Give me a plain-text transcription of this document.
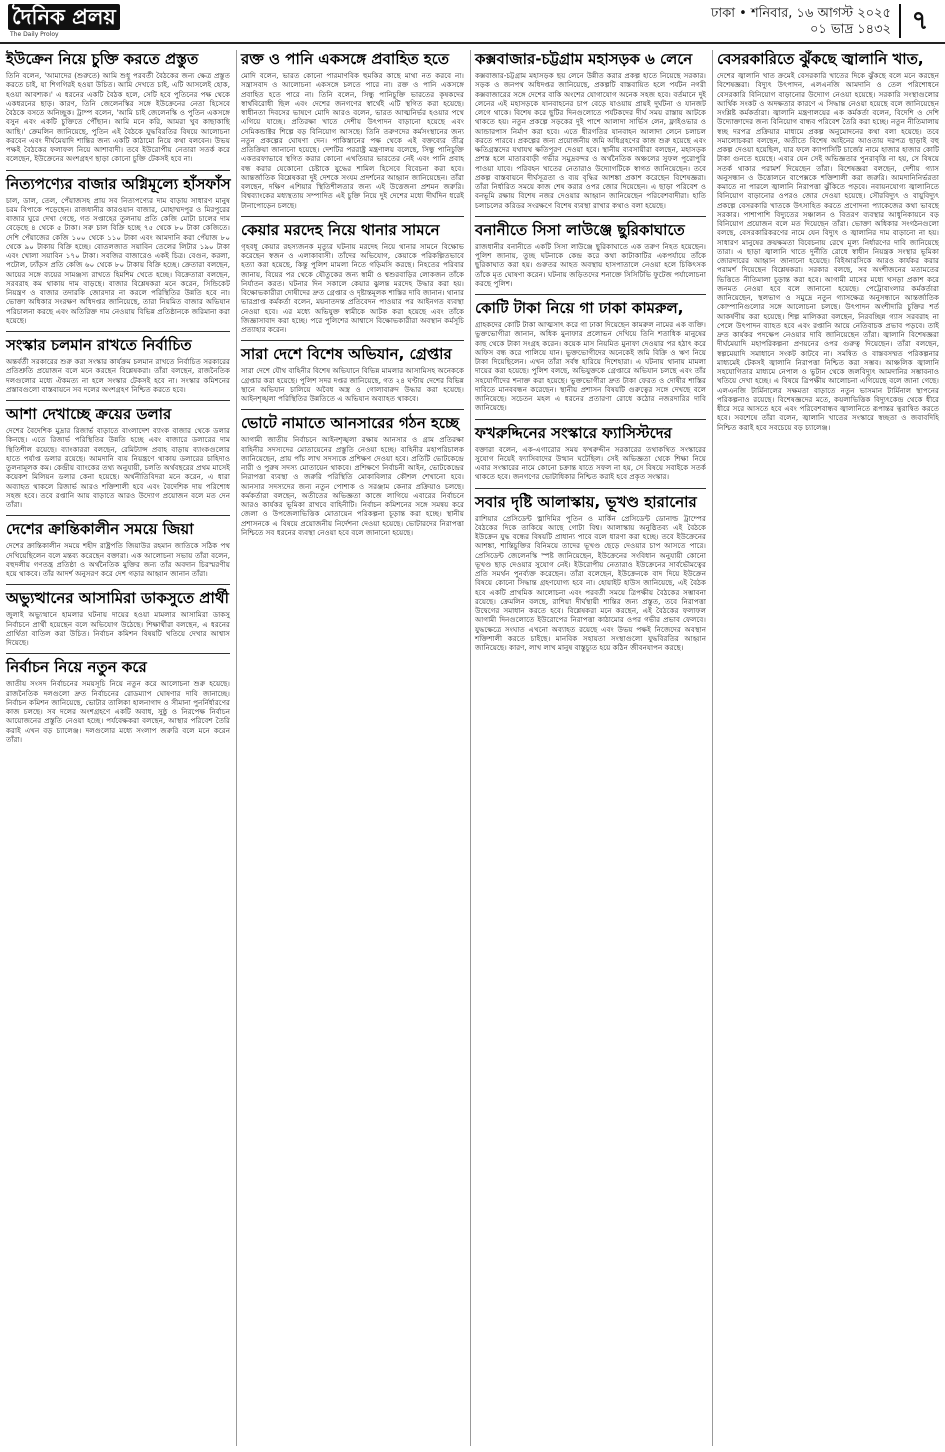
দৈনিক প্রলয়
The Daily Proloy
ঢাকা • শনিবার, ১৬ আগস্ট ২০২৫
০১ ভাদ্র ১৪৩২ ৭
ইউক্রেন নিয়ে চুক্তি করতে প্রস্তুত

তিনি বলেন, 'আমাদের (শুরুতে) আমি শুধু পরবর্তী বৈঠকের জন্য ক্ষেত্র প্রস্তুত করতে চাই, যা শিগগিরই হওয়া উচিত। আমি দেখতে চাই, এটি আসলেই হোক, হওয়া আবশ্যক।' এ ধরনের একটি বৈঠক হলে, সেটি হবে পুতিনের পক্ষ থেকে একধরনের ছাড়। কারণ, তিনি জেলেনস্কির সঙ্গে ইউক্রেনের নেতা হিসেবে বৈঠকে বসতে অনিচ্ছুক। ট্রাম্প বলেন, 'আমি চাই জেলেনস্কি ও পুতিন একসঙ্গে বসুন এবং একটি চুক্তিতে পৌঁছান। আমি মনে করি, আমরা খুব কাছাকাছি আছি।' ক্রেমলিন জানিয়েছে, পুতিন এই বৈঠকে যুদ্ধবিরতির বিষয়ে আলোচনা করবেন এবং দীর্ঘমেয়াদি শান্তির জন্য একটি কাঠামো নিয়ে কথা বলবেন। উভয় পক্ষই বৈঠকের ফলাফল নিয়ে আশাবাদী। তবে ইউরোপীয় নেতারা সতর্ক করে বলেছেন, ইউক্রেনের অংশগ্রহণ ছাড়া কোনো চুক্তি টেকসই হবে না।

নিত্যপণ্যের বাজার অগ্নিমূল্যে হাঁসফাঁস

চাল, ডাল, তেল, পেঁয়াজসহ প্রায় সব নিত্যপণ্যের দাম বাড়ায় সাধারণ মানুষ চরম বিপাকে পড়েছেন। রাজধানীর কারওয়ান বাজার, মোহাম্মদপুর ও মিরপুরের বাজার ঘুরে দেখা গেছে, গত সপ্তাহের তুলনায় প্রতি কেজি মোটা চালের দাম বেড়েছে ৪ থেকে ৫ টাকা। সরু চাল বিক্রি হচ্ছে ৭৫ থেকে ৮০ টাকা কেজিতে। দেশি পেঁয়াজের কেজি ১০০ থেকে ১১০ টাকা এবং আমদানি করা পেঁয়াজ ৮০ থেকে ৯০ টাকায় বিক্রি হচ্ছে। বোতলজাত সয়াবিন তেলের লিটার ১৯০ টাকা এবং খোলা সয়াবিন ১৭০ টাকা। সবজির বাজারেও একই চিত্র। বেগুন, করলা, পটোল, ঢ্যাঁড়স প্রতি কেজি ৬০ থেকে ৮০ টাকায় বিক্রি হচ্ছে। ক্রেতারা বলছেন, আয়ের সঙ্গে ব্যয়ের সামঞ্জস্য রাখতে হিমশিম খেতে হচ্ছে। বিক্রেতারা বলছেন, সরবরাহ কম থাকায় দাম বাড়ছে। বাজার বিশ্লেষকরা মনে করেন, সিন্ডিকেট নিয়ন্ত্রণ ও বাজার তদারকি জোরদার না করলে পরিস্থিতির উন্নতি হবে না। ভোক্তা অধিকার সংরক্ষণ অধিদপ্তর জানিয়েছে, তারা নিয়মিত বাজার অভিযান পরিচালনা করছে এবং অতিরিক্ত দাম নেওয়ায় বিভিন্ন প্রতিষ্ঠানকে জরিমানা করা হয়েছে।

সংস্কার চলমান রাখতে নির্বাচিত

অন্তর্বর্তী সরকারের শুরু করা সংস্কার কার্যক্রম চলমান রাখতে নির্বাচিত সরকারের প্রতিশ্রুতি প্রয়োজন বলে মনে করছেন বিশ্লেষকরা। তাঁরা বলছেন, রাজনৈতিক দলগুলোর মধ্যে ঐকমত্য না হলে সংস্কার টেকসই হবে না। সংস্কার কমিশনের প্রস্তাবগুলো বাস্তবায়নে সব দলের অংশগ্রহণ নিশ্চিত করতে হবে।

আশা দেখাচ্ছে ক্রয়ের ডলার

দেশের বৈদেশিক মুদ্রার রিজার্ভ বাড়াতে বাংলাদেশ ব্যাংক বাজার থেকে ডলার কিনছে। এতে রিজার্ভ পরিস্থিতির উন্নতি হচ্ছে এবং বাজারে ডলারের দাম স্থিতিশীল রয়েছে। ব্যাংকাররা বলছেন, রেমিট্যান্স প্রবাহ বাড়ায় ব্যাংকগুলোর হাতে পর্যাপ্ত ডলার রয়েছে। আমদানি ব্যয় নিয়ন্ত্রণে থাকায় ডলারের চাহিদাও তুলনামূলক কম। কেন্দ্রীয় ব্যাংকের তথ্য অনুযায়ী, চলতি অর্থবছরের প্রথম মাসেই কয়েকশ মিলিয়ন ডলার কেনা হয়েছে। অর্থনীতিবিদরা মনে করেন, এ ধারা অব্যাহত থাকলে রিজার্ভ আরও শক্তিশালী হবে এবং বৈদেশিক দায় পরিশোধ সহজ হবে। তবে রপ্তানি আয় বাড়াতে আরও উদ্যোগ প্রয়োজন বলে মত দেন তাঁরা।

দেশের ক্রান্তিকালীন সময়ে জিয়া

দেশের ক্রান্তিকালীন সময়ে শহীদ রাষ্ট্রপতি জিয়াউর রহমান জাতিকে সঠিক পথ দেখিয়েছিলেন বলে মন্তব্য করেছেন বক্তারা। এক আলোচনা সভায় তাঁরা বলেন, বহুদলীয় গণতন্ত্র প্রতিষ্ঠা ও অর্থনৈতিক মুক্তির জন্য তাঁর অবদান চিরস্মরণীয় হয়ে থাকবে। তাঁর আদর্শ অনুসরণ করে দেশ গড়ার আহ্বান জানান তাঁরা।

অভ্যুত্থানের আসামিরা ডাকসুতে প্রার্থী

জুলাই অভ্যুত্থানে হামলার ঘটনায় দায়ের হওয়া মামলার আসামিরা ডাকসু নির্বাচনে প্রার্থী হয়েছেন বলে অভিযোগ উঠেছে। শিক্ষার্থীরা বলছেন, এ ধরনের প্রার্থিতা বাতিল করা উচিত। নির্বাচন কমিশন বিষয়টি খতিয়ে দেখার আশ্বাস দিয়েছে।

নির্বাচন নিয়ে নতুন করে

জাতীয় সংসদ নির্বাচনের সময়সূচি নিয়ে নতুন করে আলোচনা শুরু হয়েছে। রাজনৈতিক দলগুলো দ্রুত নির্বাচনের রোডম্যাপ ঘোষণার দাবি জানাচ্ছে। নির্বাচন কমিশন জানিয়েছে, ভোটার তালিকা হালনাগাদ ও সীমানা পুনর্নির্ধারণের কাজ চলছে। সব দলের অংশগ্রহণে একটি অবাধ, সুষ্ঠু ও নিরপেক্ষ নির্বাচন আয়োজনের প্রস্তুতি নেওয়া হচ্ছে। পর্যবেক্ষকরা বলছেন, আস্থার পরিবেশ তৈরি করাই এখন বড় চ্যালেঞ্জ। দলগুলোর মধ্যে সংলাপ জরুরি বলে মনে করেন তাঁরা।

রক্ত ও পানি একসঙ্গে প্রবাহিত হতে

মোদি বলেন, ভারত কোনো পারমাণবিক হুমকির কাছে মাথা নত করবে না। সন্ত্রাসবাদ ও আলোচনা একসঙ্গে চলতে পারে না। রক্ত ও পানি একসঙ্গে প্রবাহিত হতে পারে না। তিনি বলেন, সিন্ধু পানিচুক্তি ভারতের কৃষকদের স্বার্থবিরোধী ছিল এবং দেশের জনগণের স্বার্থেই এটি স্থগিত করা হয়েছে। স্বাধীনতা দিবসের ভাষণে মোদি আরও বলেন, ভারত আত্মনির্ভর হওয়ার পথে এগিয়ে যাচ্ছে। প্রতিরক্ষা খাতে দেশীয় উৎপাদন বাড়ানো হয়েছে এবং সেমিকন্ডাক্টর শিল্পে বড় বিনিয়োগ আসছে। তিনি তরুণদের কর্মসংস্থানের জন্য নতুন প্রকল্পের ঘোষণা দেন। পাকিস্তানের পক্ষ থেকে এই বক্তব্যের তীব্র প্রতিক্রিয়া জানানো হয়েছে। দেশটির পররাষ্ট্র মন্ত্রণালয় বলেছে, সিন্ধু পানিচুক্তি একতরফাভাবে স্থগিত করার কোনো এখতিয়ার ভারতের নেই এবং পানি প্রবাহ বন্ধ করার যেকোনো চেষ্টাকে যুদ্ধের শামিল হিসেবে বিবেচনা করা হবে। আন্তর্জাতিক বিশ্লেষকরা দুই দেশকে সংযম প্রদর্শনের আহ্বান জানিয়েছেন। তাঁরা বলছেন, দক্ষিণ এশিয়ার স্থিতিশীলতার জন্য এই উত্তেজনা প্রশমন জরুরি। বিশ্বব্যাংকের মধ্যস্থতায় সম্পাদিত এই চুক্তি নিয়ে দুই দেশের মধ্যে দীর্ঘদিন ধরেই টানাপোড়েন চলছে।

কেয়ার মরদেহ নিয়ে থানার সামনে

গৃহবধূ কেয়ার রহস্যজনক মৃত্যুর ঘটনায় মরদেহ নিয়ে থানার সামনে বিক্ষোভ করেছেন স্বজন ও এলাকাবাসী। তাঁদের অভিযোগ, কেয়াকে পরিকল্পিতভাবে হত্যা করা হয়েছে, কিন্তু পুলিশ মামলা নিতে গড়িমসি করছে। নিহতের পরিবার জানায়, বিয়ের পর থেকে যৌতুকের জন্য স্বামী ও শ্বশুরবাড়ির লোকজন তাঁকে নির্যাতন করত। ঘটনার দিন সকালে কেয়ার ঝুলন্ত মরদেহ উদ্ধার করা হয়। বিক্ষোভকারীরা দোষীদের দ্রুত গ্রেপ্তার ও দৃষ্টান্তমূলক শাস্তির দাবি জানান। থানার ভারপ্রাপ্ত কর্মকর্তা বলেন, ময়নাতদন্ত প্রতিবেদন পাওয়ার পর আইনগত ব্যবস্থা নেওয়া হবে। এর মধ্যে অভিযুক্ত স্বামীকে আটক করা হয়েছে এবং তাঁকে জিজ্ঞাসাবাদ করা হচ্ছে। পরে পুলিশের আশ্বাসে বিক্ষোভকারীরা অবস্থান কর্মসূচি প্রত্যাহার করেন।

সারা দেশে বিশেষ অভিযান, গ্রেপ্তার

সারা দেশে যৌথ বাহিনীর বিশেষ অভিযানে বিভিন্ন মামলার আসামিসহ অনেককে গ্রেপ্তার করা হয়েছে। পুলিশ সদর দপ্তর জানিয়েছে, গত ২৪ ঘণ্টায় দেশের বিভিন্ন স্থানে অভিযান চালিয়ে অবৈধ অস্ত্র ও গোলাবারুদ উদ্ধার করা হয়েছে। আইনশৃঙ্খলা পরিস্থিতির উন্নতিতে এ অভিযান অব্যাহত থাকবে।

ভোটে নামাতে আনসারের গঠন হচ্ছে

আগামী জাতীয় নির্বাচনে আইনশৃঙ্খলা রক্ষায় আনসার ও গ্রাম প্রতিরক্ষা বাহিনীর সদস্যদের মোতায়েনের প্রস্তুতি নেওয়া হচ্ছে। বাহিনীর মহাপরিচালক জানিয়েছেন, প্রায় পাঁচ লাখ সদস্যকে প্রশিক্ষণ দেওয়া হবে। প্রতিটি ভোটকেন্দ্রে নারী ও পুরুষ সদস্য মোতায়েন থাকবে। প্রশিক্ষণে নির্বাচনী আইন, ভোটকেন্দ্রের নিরাপত্তা ব্যবস্থা ও জরুরি পরিস্থিতি মোকাবিলার কৌশল শেখানো হবে। আনসার সদস্যদের জন্য নতুন পোশাক ও সরঞ্জাম কেনার প্রক্রিয়াও চলছে। কর্মকর্তারা বলছেন, অতীতের অভিজ্ঞতা কাজে লাগিয়ে এবারের নির্বাচনে আরও কার্যকর ভূমিকা রাখবে বাহিনীটি। নির্বাচন কমিশনের সঙ্গে সমন্বয় করে জেলা ও উপজেলাভিত্তিক মোতায়েন পরিকল্পনা চূড়ান্ত করা হচ্ছে। স্থানীয় প্রশাসনকে এ বিষয়ে প্রয়োজনীয় নির্দেশনা দেওয়া হয়েছে। ভোটারদের নিরাপত্তা নিশ্চিতে সব ধরনের ব্যবস্থা নেওয়া হবে বলে জানানো হয়েছে।

কক্সবাজার-চট্টগ্রাম মহাসড়ক ৬ লেনে

কক্সবাজার-চট্টগ্রাম মহাসড়ক ছয় লেনে উন্নীত করার প্রকল্প হাতে নিয়েছে সরকার। সড়ক ও জনপথ অধিদপ্তর জানিয়েছে, প্রকল্পটি বাস্তবায়িত হলে পর্যটন নগরী কক্সবাজারের সঙ্গে দেশের বাকি অংশের যোগাযোগ অনেক সহজ হবে। বর্তমানে দুই লেনের এই মহাসড়কে যানবাহনের চাপ বেড়ে যাওয়ায় প্রায়ই দুর্ঘটনা ও যানজট লেগে থাকে। বিশেষ করে ছুটির দিনগুলোতে পর্যটকদের দীর্ঘ সময় রাস্তায় আটকে থাকতে হয়। নতুন প্রকল্পে সড়কের দুই পাশে আলাদা সার্ভিস লেন, ফ্লাইওভার ও আন্ডারপাস নির্মাণ করা হবে। এতে ধীরগতির যানবাহন আলাদা লেনে চলাচল করতে পারবে। প্রকল্পের জন্য প্রয়োজনীয় জমি অধিগ্রহণের কাজ শুরু হয়েছে এবং ক্ষতিগ্রস্তদের যথাযথ ক্ষতিপূরণ দেওয়া হবে। স্থানীয় ব্যবসায়ীরা বলছেন, মহাসড়ক প্রশস্ত হলে মাতারবাড়ী গভীর সমুদ্রবন্দর ও অর্থনৈতিক অঞ্চলের সুফল পুরোপুরি পাওয়া যাবে। পরিবহন খাতের নেতারাও উদ্যোগটিকে স্বাগত জানিয়েছেন। তবে প্রকল্প বাস্তবায়নে দীর্ঘসূত্রতা ও ব্যয় বৃদ্ধির আশঙ্কা প্রকাশ করেছেন বিশেষজ্ঞরা। তাঁরা নির্ধারিত সময়ে কাজ শেষ করার ওপর জোর দিয়েছেন। এ ছাড়া পরিবেশ ও বনভূমি রক্ষায় বিশেষ নজর দেওয়ার আহ্বান জানিয়েছেন পরিবেশবাদীরা। হাতি চলাচলের করিডর সংরক্ষণে বিশেষ ব্যবস্থা রাখার কথাও বলা হয়েছে।

বনানীতে সিসা লাউঞ্জে ছুরিকাঘাতে

রাজধানীর বনানীতে একটি সিসা লাউঞ্জে ছুরিকাঘাতে এক তরুণ নিহত হয়েছেন। পুলিশ জানায়, তুচ্ছ ঘটনাকে কেন্দ্র করে কথা কাটাকাটির একপর্যায়ে তাঁকে ছুরিকাঘাত করা হয়। গুরুতর আহত অবস্থায় হাসপাতালে নেওয়া হলে চিকিৎসক তাঁকে মৃত ঘোষণা করেন। ঘটনায় জড়িতদের শনাক্তে সিসিটিভি ফুটেজ পর্যালোচনা করছে পুলিশ।

কোটি টাকা নিয়ে গা ঢাকা কামরুল,

গ্রাহকদের কোটি টাকা আত্মসাৎ করে গা ঢাকা দিয়েছেন কামরুল নামের এক ব্যক্তি। ভুক্তভোগীরা জানান, অধিক মুনাফার প্রলোভন দেখিয়ে তিনি শতাধিক মানুষের কাছ থেকে টাকা সংগ্রহ করেন। কয়েক মাস নিয়মিত মুনাফা দেওয়ার পর হঠাৎ করে অফিস বন্ধ করে পালিয়ে যান। ভুক্তভোগীদের অনেকেই জমি বিক্রি ও ঋণ নিয়ে টাকা দিয়েছিলেন। এখন তাঁরা সর্বস্ব হারিয়ে দিশেহারা। এ ঘটনায় থানায় মামলা দায়ের করা হয়েছে। পুলিশ বলছে, অভিযুক্তকে গ্রেপ্তারে অভিযান চলছে এবং তাঁর সহযোগীদের শনাক্ত করা হয়েছে। ভুক্তভোগীরা দ্রুত টাকা ফেরত ও দোষীর শাস্তির দাবিতে মানববন্ধন করেছেন। স্থানীয় প্রশাসন বিষয়টি গুরুত্বের সঙ্গে দেখছে বলে জানিয়েছে। সচেতন মহল এ ধরনের প্রতারণা রোধে কঠোর নজরদারির দাবি জানিয়েছে।

ফখরুদ্দিনের সংস্কারে ফ্যাসিস্টদের

বক্তারা বলেন, এক-এগারোর সময় ফখরুদ্দীন সরকারের তথাকথিত সংস্কারের সুযোগ নিয়েই ফ্যাসিবাদের উত্থান ঘটেছিল। সেই অভিজ্ঞতা থেকে শিক্ষা নিয়ে এবার সংস্কারের নামে কোনো চক্রান্ত যাতে সফল না হয়, সে বিষয়ে সবাইকে সতর্ক থাকতে হবে। জনগণের ভোটাধিকার নিশ্চিত করাই হবে প্রকৃত সংস্কার।

সবার দৃষ্টি আলাস্কায়, ভূখণ্ড হারানোর

রাশিয়ার প্রেসিডেন্ট ভ্লাদিমির পুতিন ও মার্কিন প্রেসিডেন্ট ডোনাল্ড ট্রাম্পের বৈঠকের দিকে তাকিয়ে আছে গোটা বিশ্ব। আলাস্কায় অনুষ্ঠিতব্য এই বৈঠকে ইউক্রেন যুদ্ধ বন্ধের বিষয়টি প্রাধান্য পাবে বলে ধারণা করা হচ্ছে। তবে ইউক্রেনের আশঙ্কা, শান্তিচুক্তির বিনিময়ে তাদের ভূখণ্ড ছেড়ে দেওয়ার চাপ আসতে পারে। প্রেসিডেন্ট জেলেনস্কি স্পষ্ট জানিয়েছেন, ইউক্রেনের সংবিধান অনুযায়ী কোনো ভূখণ্ড ছাড় দেওয়ার সুযোগ নেই। ইউরোপীয় নেতারাও ইউক্রেনের সার্বভৌমত্বের প্রতি সমর্থন পুনর্ব্যক্ত করেছেন। তাঁরা বলেছেন, ইউক্রেনকে বাদ দিয়ে ইউক্রেন বিষয়ে কোনো সিদ্ধান্ত গ্রহণযোগ্য হবে না। হোয়াইট হাউস জানিয়েছে, এই বৈঠক হবে একটি প্রাথমিক আলোচনা এবং পরবর্তী সময়ে ত্রিপক্ষীয় বৈঠকের সম্ভাবনা রয়েছে। ক্রেমলিন বলছে, রাশিয়া দীর্ঘস্থায়ী শান্তির জন্য প্রস্তুত, তবে নিরাপত্তা উদ্বেগের সমাধান করতে হবে। বিশ্লেষকরা মনে করছেন, এই বৈঠকের ফলাফল আগামী দিনগুলোতে ইউরোপের নিরাপত্তা কাঠামোর ওপর গভীর প্রভাব ফেলবে। যুদ্ধক্ষেত্রে সংঘাত এখনো অব্যাহত রয়েছে এবং উভয় পক্ষই নিজেদের অবস্থান শক্তিশালী করতে চাইছে। মানবিক সহায়তা সংস্থাগুলো যুদ্ধবিরতির আহ্বান জানিয়েছে। কারণ, লাখ লাখ মানুষ বাস্তুচ্যুত হয়ে কঠিন জীবনযাপন করছে।

বেসরকারিতে ঝুঁকছে জ্বালানি খাত,

দেশের জ্বালানি খাত ক্রমেই বেসরকারি খাতের দিকে ঝুঁকছে বলে মনে করছেন বিশেষজ্ঞরা। বিদ্যুৎ উৎপাদন, এলএনজি আমদানি ও তেল পরিশোধনে বেসরকারি বিনিয়োগ বাড়ানোর উদ্যোগ নেওয়া হয়েছে। সরকারি সংস্থাগুলোর আর্থিক সংকট ও অদক্ষতার কারণে এ সিদ্ধান্ত নেওয়া হয়েছে বলে জানিয়েছেন সংশ্লিষ্ট কর্মকর্তারা। জ্বালানি মন্ত্রণালয়ের এক কর্মকর্তা বলেন, বিদেশি ও দেশি উদ্যোক্তাদের জন্য বিনিয়োগ বান্ধব পরিবেশ তৈরি করা হচ্ছে। নতুন নীতিমালায় স্বচ্ছ দরপত্র প্রক্রিয়ার মাধ্যমে প্রকল্প অনুমোদনের কথা বলা হয়েছে। তবে সমালোচকরা বলছেন, অতীতে বিশেষ আইনের আওতায় দরপত্র ছাড়াই বহু প্রকল্প দেওয়া হয়েছিল, যার ফলে ক্যাপাসিটি চার্জের নামে হাজার হাজার কোটি টাকা গুনতে হয়েছে। এবার যেন সেই অভিজ্ঞতার পুনরাবৃত্তি না হয়, সে বিষয়ে সতর্ক থাকার পরামর্শ দিয়েছেন তাঁরা। বিশেষজ্ঞরা বলছেন, দেশীয় গ্যাস অনুসন্ধান ও উত্তোলনে বাপেক্সকে শক্তিশালী করা জরুরি। আমদানিনির্ভরতা কমাতে না পারলে জ্বালানি নিরাপত্তা ঝুঁকিতে পড়বে। নবায়নযোগ্য জ্বালানিতে বিনিয়োগ বাড়ানোর ওপরও জোর দেওয়া হয়েছে। সৌরবিদ্যুৎ ও বায়ুবিদ্যুৎ প্রকল্পে বেসরকারি খাতকে উৎসাহিত করতে প্রণোদনা প্যাকেজের কথা ভাবছে সরকার। পাশাপাশি বিদ্যুতের সঞ্চালন ও বিতরণ ব্যবস্থার আধুনিকায়নে বড় বিনিয়োগ প্রয়োজন বলে মত দিয়েছেন তাঁরা। ভোক্তা অধিকার সংগঠনগুলো বলছে, বেসরকারিকরণের নামে যেন বিদ্যুৎ ও জ্বালানির দাম বাড়ানো না হয়। সাধারণ মানুষের ক্রয়ক্ষমতা বিবেচনায় রেখে মূল্য নির্ধারণের দাবি জানিয়েছে তারা। এ ছাড়া জ্বালানি খাতে দুর্নীতি রোধে স্বাধীন নিয়ন্ত্রক সংস্থার ভূমিকা জোরদারের আহ্বান জানানো হয়েছে। বিইআরসিকে আরও কার্যকর করার পরামর্শ দিয়েছেন বিশ্লেষকরা। সরকার বলছে, সব অংশীজনের মতামতের ভিত্তিতে নীতিমালা চূড়ান্ত করা হবে। আগামী মাসের মধ্যে খসড়া প্রকাশ করে জনমত নেওয়া হবে বলে জানানো হয়েছে। পেট্রোবাংলার কর্মকর্তারা জানিয়েছেন, স্থলভাগ ও সমুদ্রে নতুন গ্যাসক্ষেত্র অনুসন্ধানে আন্তর্জাতিক কোম্পানিগুলোর সঙ্গে আলোচনা চলছে। উৎপাদন অংশীদারি চুক্তির শর্ত আকর্ষণীয় করা হয়েছে। শিল্প মালিকরা বলছেন, নিরবচ্ছিন্ন গ্যাস সরবরাহ না পেলে উৎপাদন ব্যাহত হবে এবং রপ্তানি আয়ে নেতিবাচক প্রভাব পড়বে। তাই দ্রুত কার্যকর পদক্ষেপ নেওয়ার দাবি জানিয়েছেন তাঁরা। জ্বালানি বিশেষজ্ঞরা দীর্ঘমেয়াদি মহাপরিকল্পনা প্রণয়নের ওপর গুরুত্ব দিয়েছেন। তাঁরা বলছেন, স্বল্পমেয়াদি সমাধানে সংকট কাটবে না। সমন্বিত ও বাস্তবসম্মত পরিকল্পনার মাধ্যমেই টেকসই জ্বালানি নিরাপত্তা নিশ্চিত করা সম্ভব। আঞ্চলিক জ্বালানি সহযোগিতার মাধ্যমে নেপাল ও ভুটান থেকে জলবিদ্যুৎ আমদানির সম্ভাবনাও খতিয়ে দেখা হচ্ছে। এ বিষয়ে ত্রিপক্ষীয় আলোচনা এগিয়েছে বলে জানা গেছে। এলএনজি টার্মিনালের সক্ষমতা বাড়াতে নতুন ভাসমান টার্মিনাল স্থাপনের পরিকল্পনাও রয়েছে। বিশেষজ্ঞদের মতে, কয়লাভিত্তিক বিদ্যুৎকেন্দ্র থেকে ধীরে ধীরে সরে আসতে হবে এবং পরিবেশবান্ধব জ্বালানিতে রূপান্তর ত্বরান্বিত করতে হবে। সবশেষে তাঁরা বলেন, জ্বালানি খাতের সংস্কারে স্বচ্ছতা ও জবাবদিহি নিশ্চিত করাই হবে সবচেয়ে বড় চ্যালেঞ্জ।
